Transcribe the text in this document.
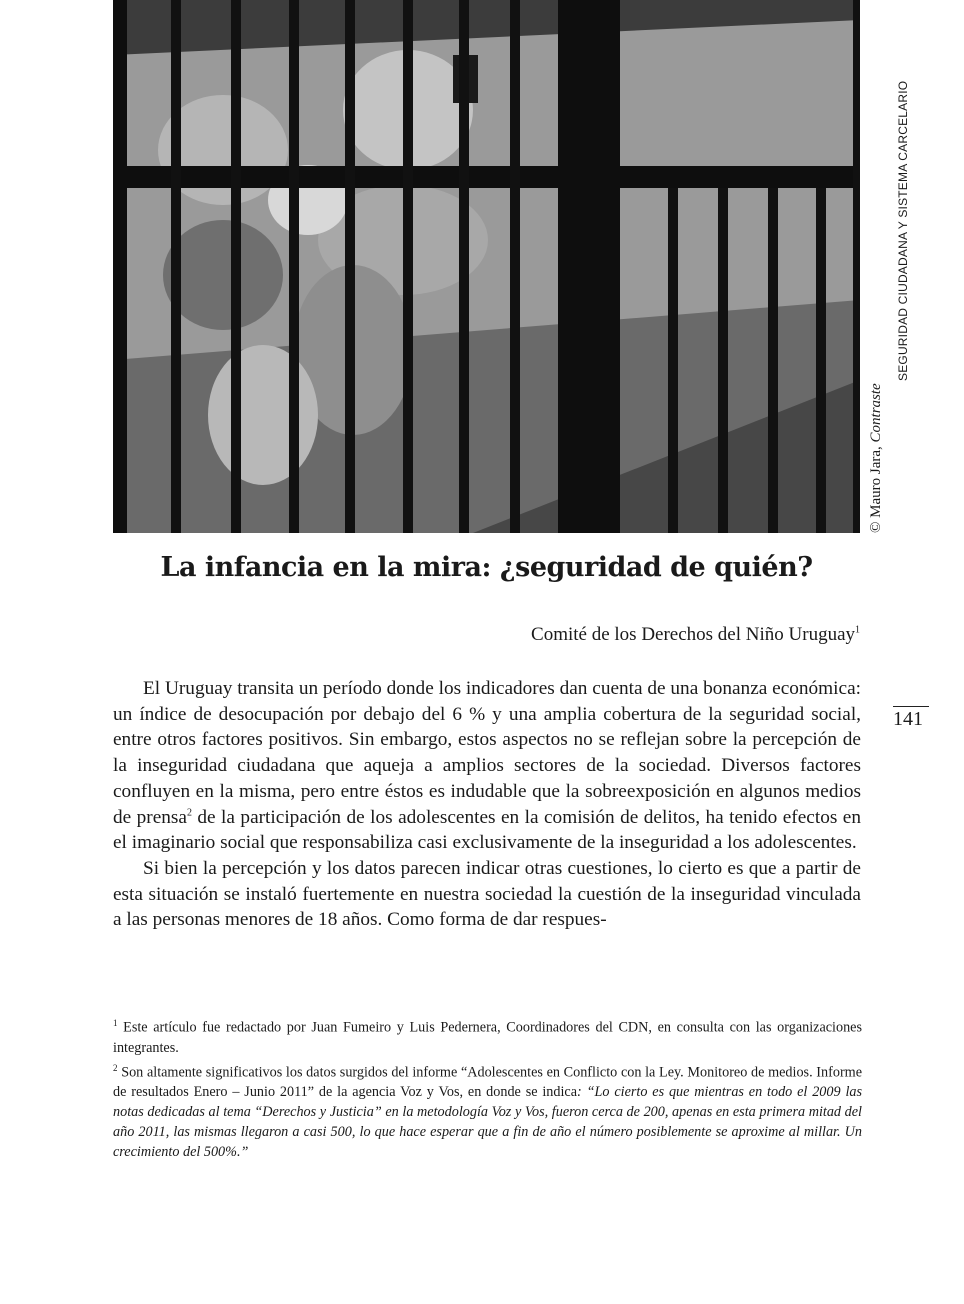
© Mauro Jara, Contraste
SEGURIDAD CIUDADANA Y SISTEMA CARCELARIO
141
La infancia en la mira: ¿seguridad de quién?

Comité de los Derechos del Niño Uruguay$^1$

El Uruguay transita un período donde los indicadores dan cuenta de una bonanza económica: un índice de desocupación por debajo del 6 % y una amplia cobertura de la seguridad social, entre otros factores positivos. Sin embargo, estos aspectos no se reflejan sobre la percepción de la inseguridad ciudadana que aqueja a amplios sectores de la sociedad. Diversos factores confluyen en la misma, pero entre éstos es indudable que la sobreexposición en algunos medios de prensa$^2$ de la participación de los adolescentes en la comisión de delitos, ha tenido efectos en el imaginario social que responsabiliza casi exclusivamente de la inseguridad a los adolescentes.

Si bien la percepción y los datos parecen indicar otras cuestiones, lo cierto es que a partir de esta situación se instaló fuertemente en nuestra sociedad la cuestión de la inseguridad vinculada a las personas menores de 18 años. Como forma de dar respues-

$^1$ Este artículo fue redactado por Juan Fumeiro y Luis Pedernera, Coordinadores del CDN, en consulta con las organizaciones integrantes.

$^2$ Son altamente significativos los datos surgidos del informe “Adolescentes en Conflicto con la Ley. Monitoreo de medios. Informe de resultados Enero – Junio 2011” de la agencia Voz y Vos, en donde se indica: “Lo cierto es que mientras en todo el 2009 las notas dedicadas al tema “Derechos y Justicia” en la metodología Voz y Vos, fueron cerca de 200, apenas en esta primera mitad del año 2011, las mismas llegaron a casi 500, lo que hace esperar que a fin de año el número posiblemente se aproxime al millar. Un crecimiento del 500%.”
